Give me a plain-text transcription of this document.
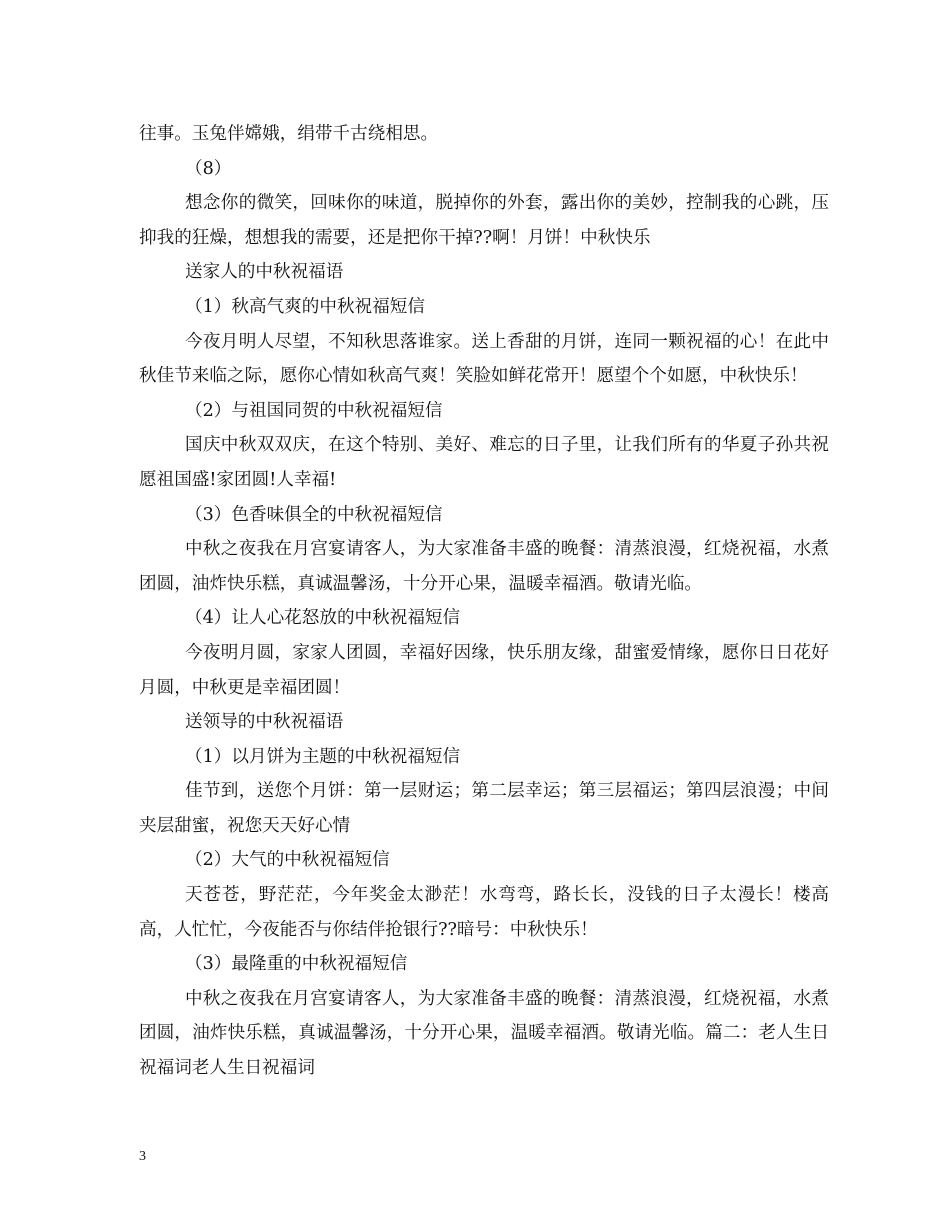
往事。玉兔伴嫦娥，绢带千古绕相思。

（8）

想念你的微笑，回味你的味道，脱掉你的外套，露出你的美妙，控制我的心跳，压抑我的狂燥，想想我的需要，还是把你干掉??啊！月饼！中秋快乐

送家人的中秋祝福语

（1）秋高气爽的中秋祝福短信

今夜月明人尽望，不知秋思落谁家。送上香甜的月饼，连同一颗祝福的心！在此中秋佳节来临之际，愿你心情如秋高气爽！笑脸如鲜花常开！愿望个个如愿，中秋快乐！

（2）与祖国同贺的中秋祝福短信

国庆中秋双双庆，在这个特别、美好、难忘的日子里，让我们所有的华夏子孙共祝愿祖国盛!家团圆!人幸福!

（3）色香味俱全的中秋祝福短信

中秋之夜我在月宫宴请客人，为大家准备丰盛的晚餐：清蒸浪漫，红烧祝福，水煮团圆，油炸快乐糕，真诚温馨汤，十分开心果，温暖幸福酒。敬请光临。

（4）让人心花怒放的中秋祝福短信

今夜明月圆，家家人团圆，幸福好因缘，快乐朋友缘，甜蜜爱情缘，愿你日日花好月圆，中秋更是幸福团圆！

送领导的中秋祝福语

（1）以月饼为主题的中秋祝福短信

佳节到，送您个月饼：第一层财运；第二层幸运；第三层福运；第四层浪漫；中间夹层甜蜜，祝您天天好心情

（2）大气的中秋祝福短信

天苍苍，野茫茫，今年奖金太渺茫！水弯弯，路长长，没钱的日子太漫长！楼高高，人忙忙，今夜能否与你结伴抢银行??暗号：中秋快乐！

（3）最隆重的中秋祝福短信

中秋之夜我在月宫宴请客人，为大家准备丰盛的晚餐：清蒸浪漫，红烧祝福，水煮团圆，油炸快乐糕，真诚温馨汤，十分开心果，温暖幸福酒。敬请光临。篇二：老人生日祝福词老人生日祝福词

3
